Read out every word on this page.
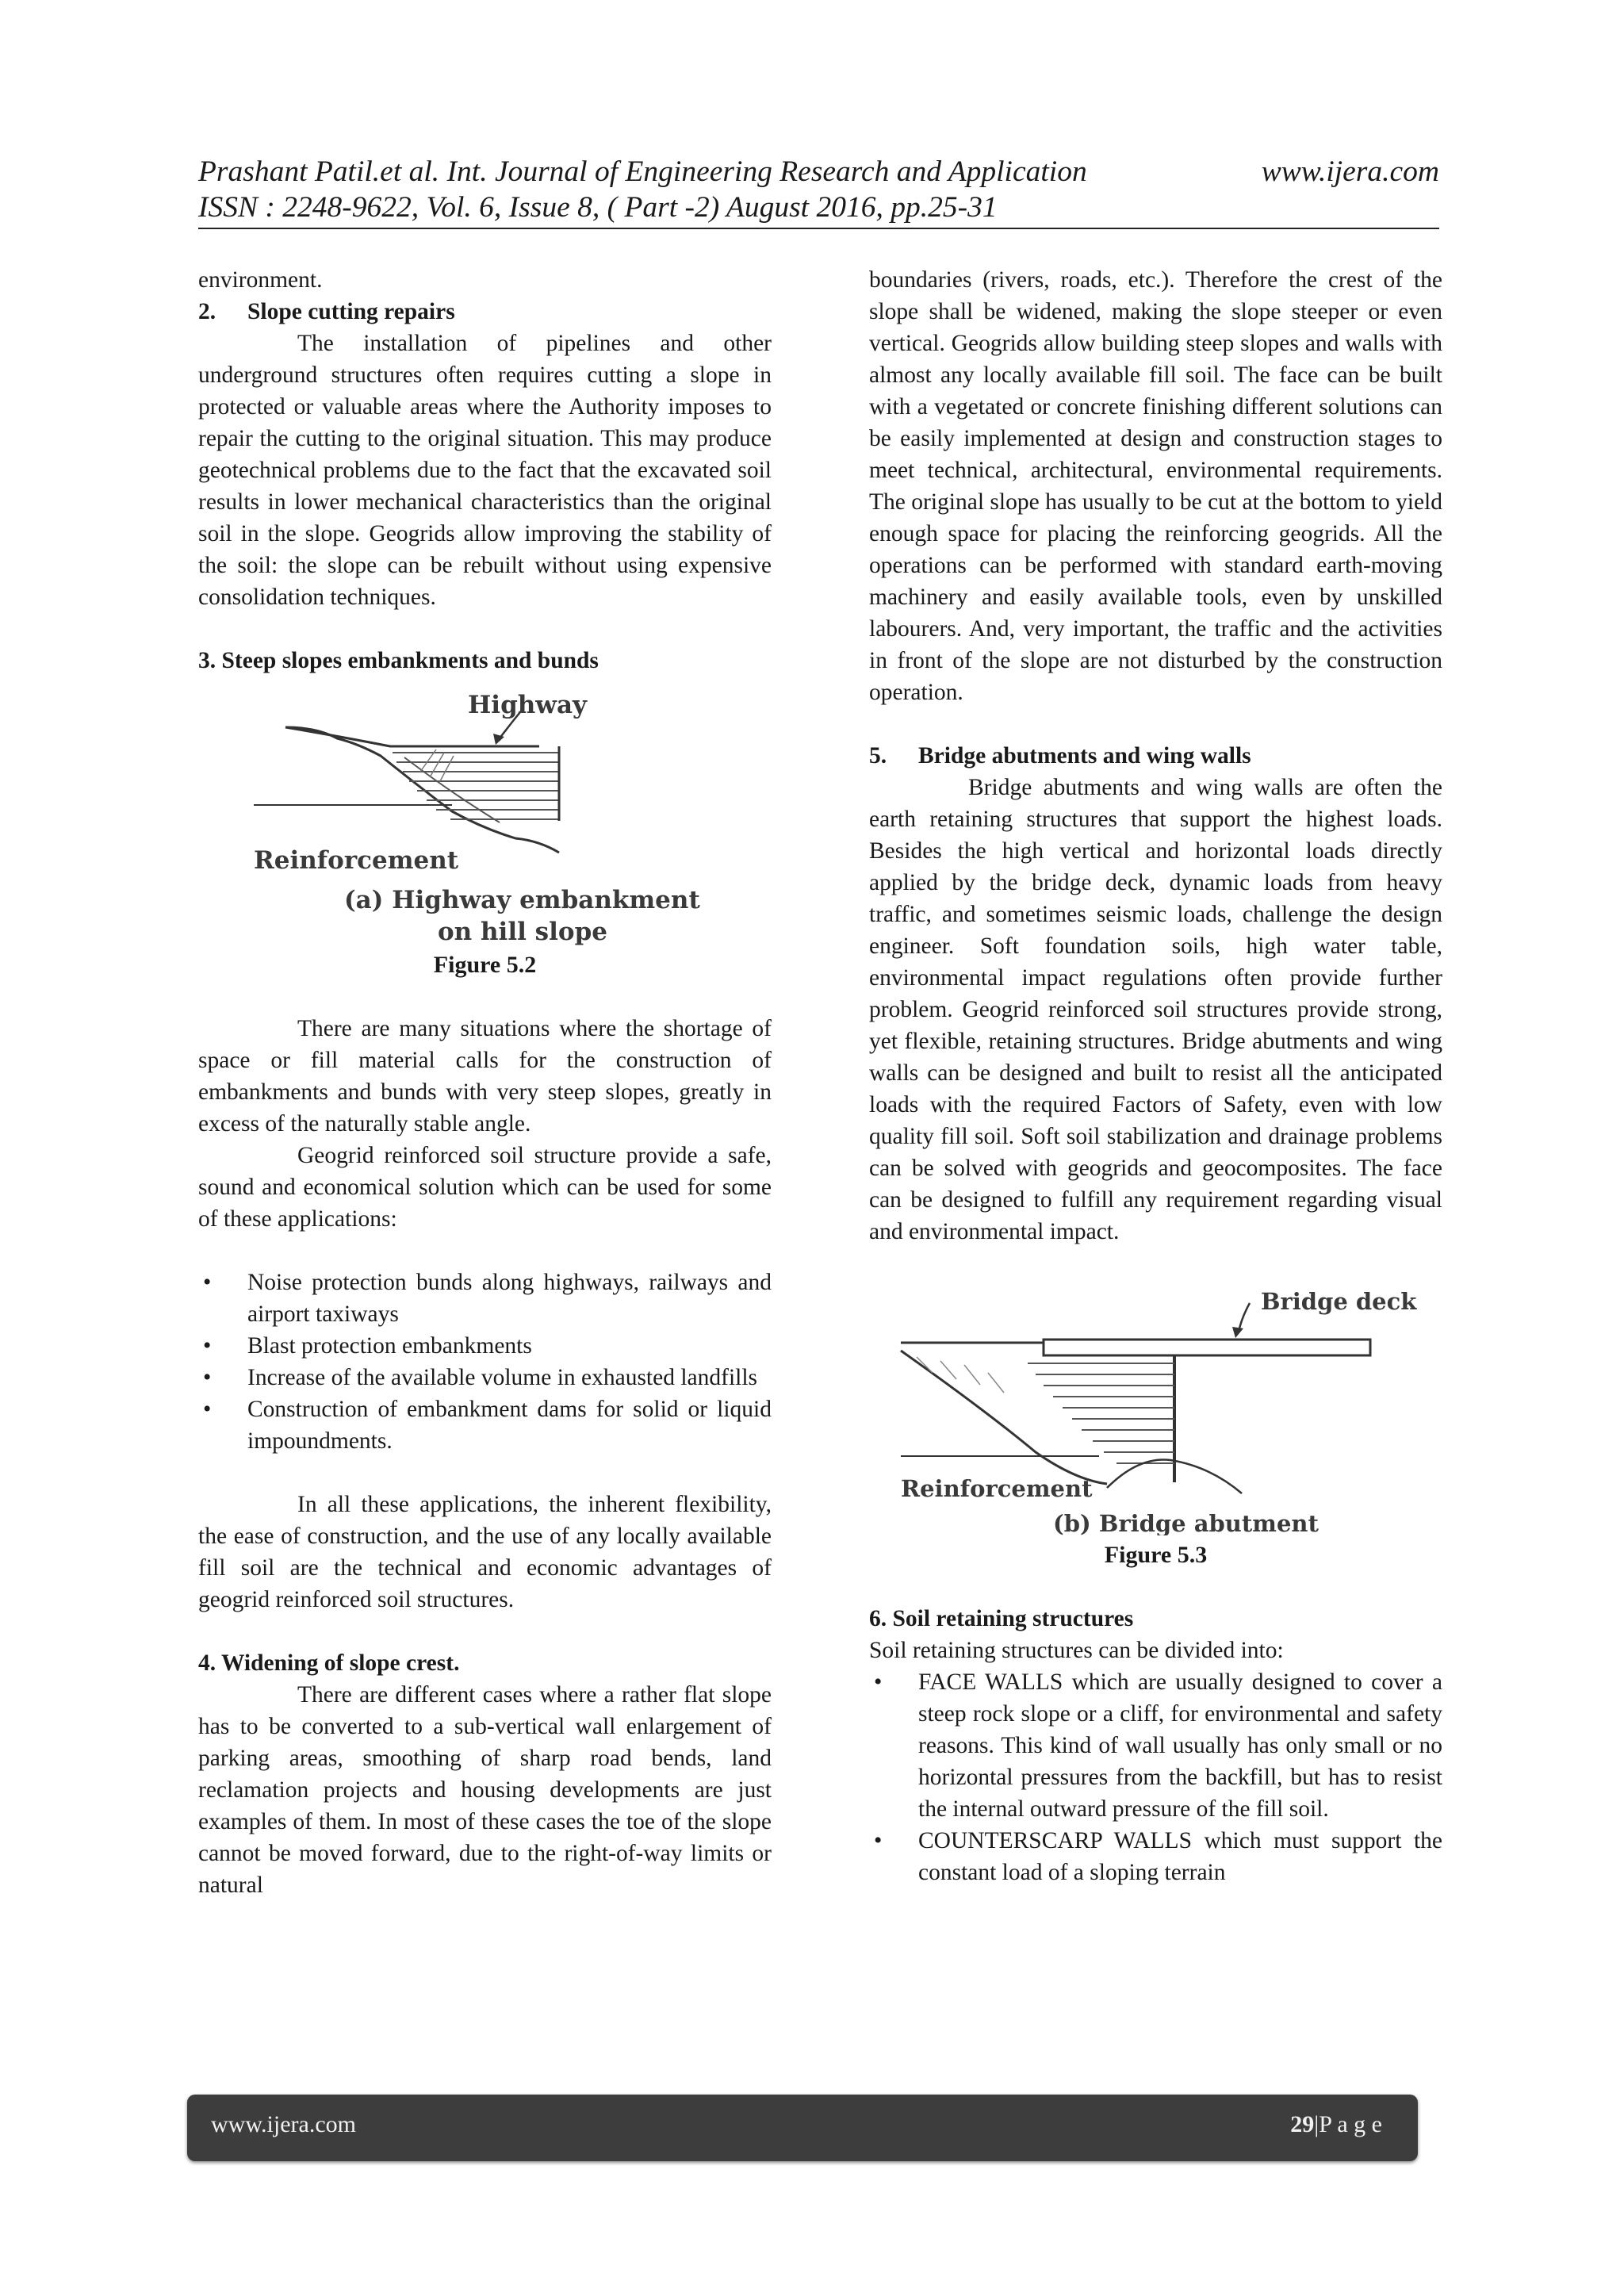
Prashant Patil.et al. Int. Journal of Engineering Research and Application	www.ijera.com
ISSN : 2248-9622, Vol. 6, Issue 8, ( Part -2) August 2016, pp.25-31

environment.

2. Slope cutting repairs

The installation of pipelines and other underground structures often requires cutting a slope in protected or valuable areas where the Authority imposes to repair the cutting to the original situation. This may produce geotechnical problems due to the fact that the excavated soil results in lower mechanical characteristics than the original soil in the slope. Geogrids allow improving the stability of the soil: the slope can be rebuilt without using expensive consolidation techniques.

3. Steep slopes embankments and bunds

Highway
Reinforcement
(a) Highway embankment
on hill slope

Figure 5.2

There are many situations where the shortage of space or fill material calls for the construction of embankments and bunds with very steep slopes, greatly in excess of the naturally stable angle.

Geogrid reinforced soil structure provide a safe, sound and economical solution which can be used for some of these applications:

• Noise protection bunds along highways, railways and airport taxiways
• Blast protection embankments
• Increase of the available volume in exhausted landfills
• Construction of embankment dams for solid or liquid impoundments.

In all these applications, the inherent flexibility, the ease of construction, and the use of any locally available fill soil are the technical and economic advantages of geogrid reinforced soil structures.

4. Widening of slope crest.

There are different cases where a rather flat slope has to be converted to a sub-vertical wall enlargement of parking areas, smoothing of sharp road bends, land reclamation projects and housing developments are just examples of them. In most of these cases the toe of the slope cannot be moved forward, due to the right-of-way limits or natural

boundaries (rivers, roads, etc.). Therefore the crest of the slope shall be widened, making the slope steeper or even vertical. Geogrids allow building steep slopes and walls with almost any locally available fill soil. The face can be built with a vegetated or concrete finishing different solutions can be easily implemented at design and construction stages to meet technical, architectural, environmental requirements. The original slope has usually to be cut at the bottom to yield enough space for placing the reinforcing geogrids. All the operations can be performed with standard earth-moving machinery and easily available tools, even by unskilled labourers. And, very important, the traffic and the activities in front of the slope are not disturbed by the construction operation.

5. Bridge abutments and wing walls

Bridge abutments and wing walls are often the earth retaining structures that support the highest loads. Besides the high vertical and horizontal loads directly applied by the bridge deck, dynamic loads from heavy traffic, and sometimes seismic loads, challenge the design engineer. Soft foundation soils, high water table, environmental impact regulations often provide further problem. Geogrid reinforced soil structures provide strong, yet flexible, retaining structures. Bridge abutments and wing walls can be designed and built to resist all the anticipated loads with the required Factors of Safety, even with low quality fill soil. Soft soil stabilization and drainage problems can be solved with geogrids and geocomposites. The face can be designed to fulfill any requirement regarding visual and environmental impact.

Bridge deck
Reinforcement
(b) Bridge abutment

Figure 5.3

6. Soil retaining structures

Soil retaining structures can be divided into:

• FACE WALLS which are usually designed to cover a steep rock slope or a cliff, for environmental and safety reasons. This kind of wall usually has only small or no horizontal pressures from the backfill, but has to resist the internal outward pressure of the fill soil.
• COUNTERSCARP WALLS which must support the constant load of a sloping terrain
www.ijera.com	29|P a g e
